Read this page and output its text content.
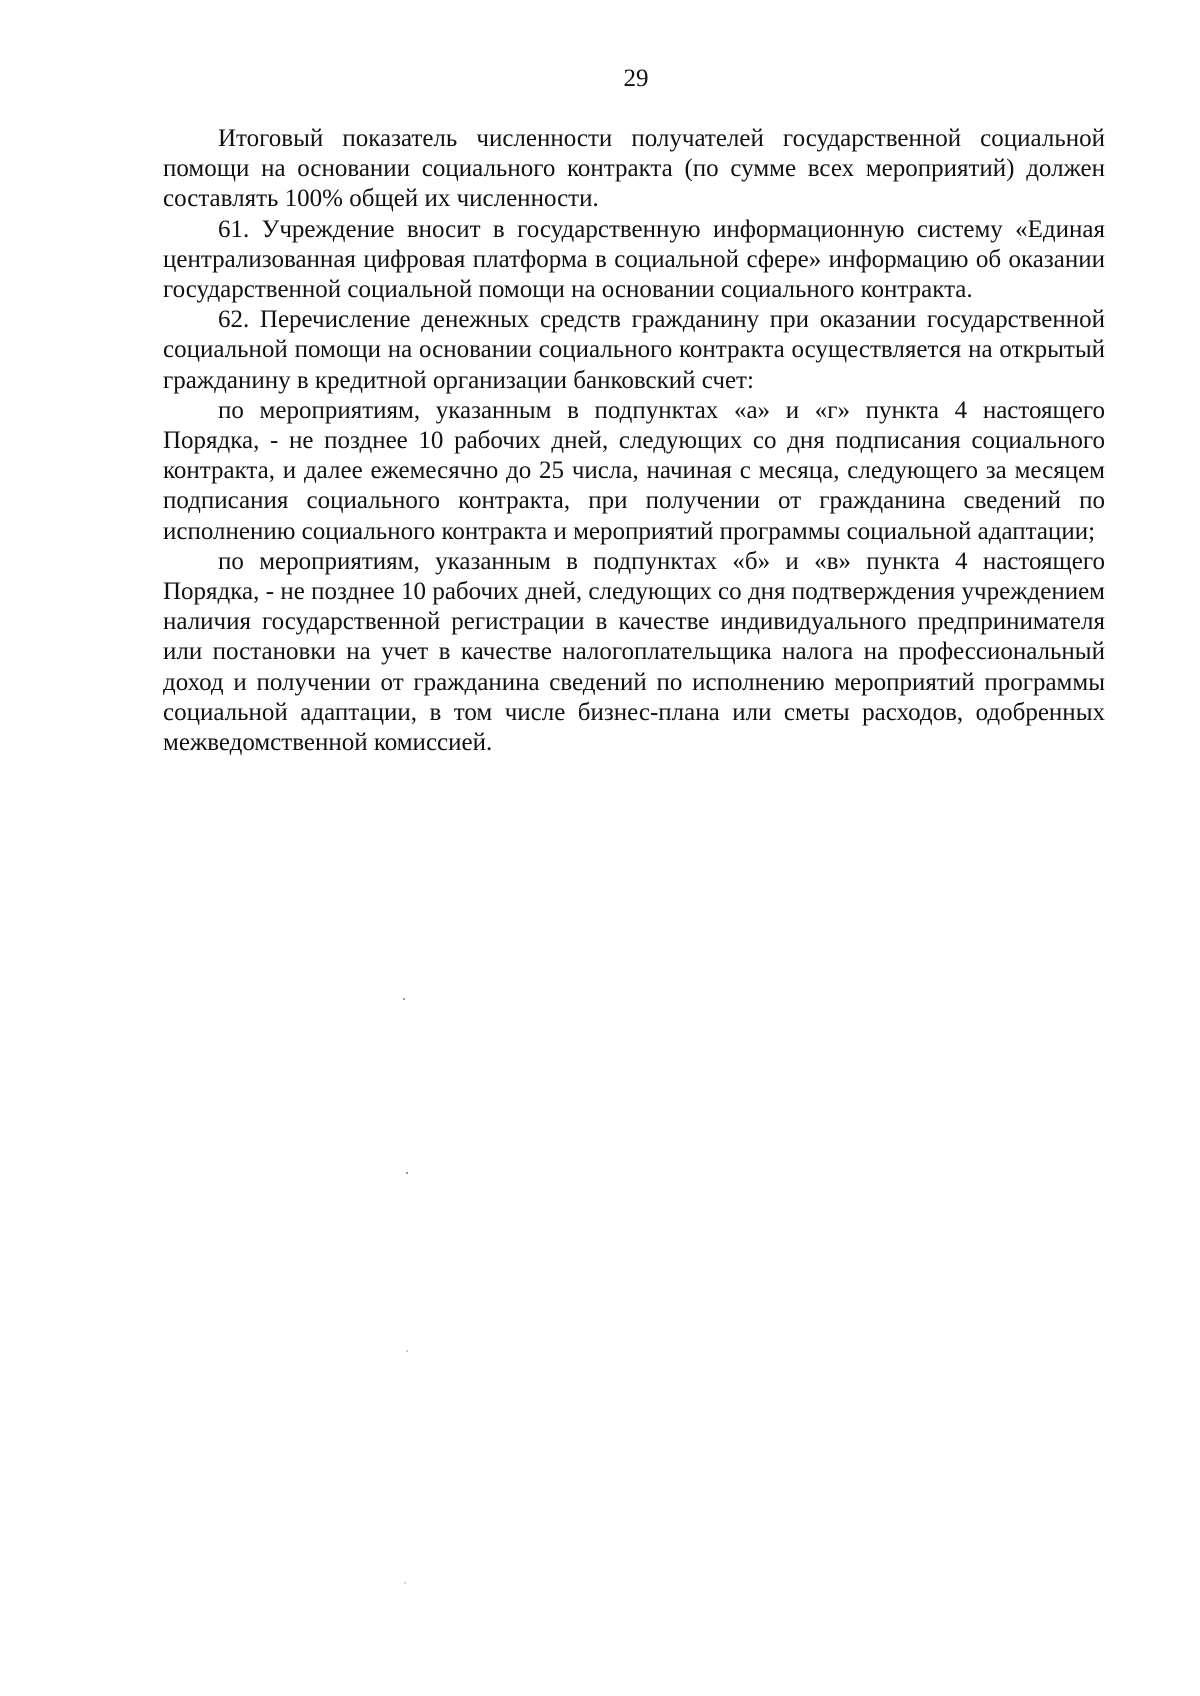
29

Итоговый показатель численности получателей государственной социальной помощи на основании социального контракта (по сумме всех мероприятий) должен составлять 100% общей их численности.

61. Учреждение вносит в государственную информационную систему «Единая централизованная цифровая платформа в социальной сфере» информацию об оказании государственной социальной помощи на основании социального контракта.

62. Перечисление денежных средств гражданину при оказании государственной социальной помощи на основании социального контракта осуществляется на открытый гражданину в кредитной организации банковский счет:

по мероприятиям, указанным в подпунктах «а» и «г» пункта 4 настоящего Порядка, - не позднее 10 рабочих дней, следующих со дня подписания социального контракта, и далее ежемесячно до 25 числа, начиная с месяца, следующего за месяцем подписания социального контракта, при получении от гражданина сведений по исполнению социального контракта и мероприятий программы социальной адаптации;

по мероприятиям, указанным в подпунктах «б» и «в» пункта 4 настоящего Порядка, - не позднее 10 рабочих дней, следующих со дня подтверждения учреждением наличия государственной регистрации в качестве индивидуального предпринимателя или постановки на учет в качестве налогоплательщика налога на профессиональный доход и получении от гражданина сведений по исполнению мероприятий программы социальной адаптации, в том числе бизнес-плана или сметы расходов, одобренных межведомственной комиссией.
